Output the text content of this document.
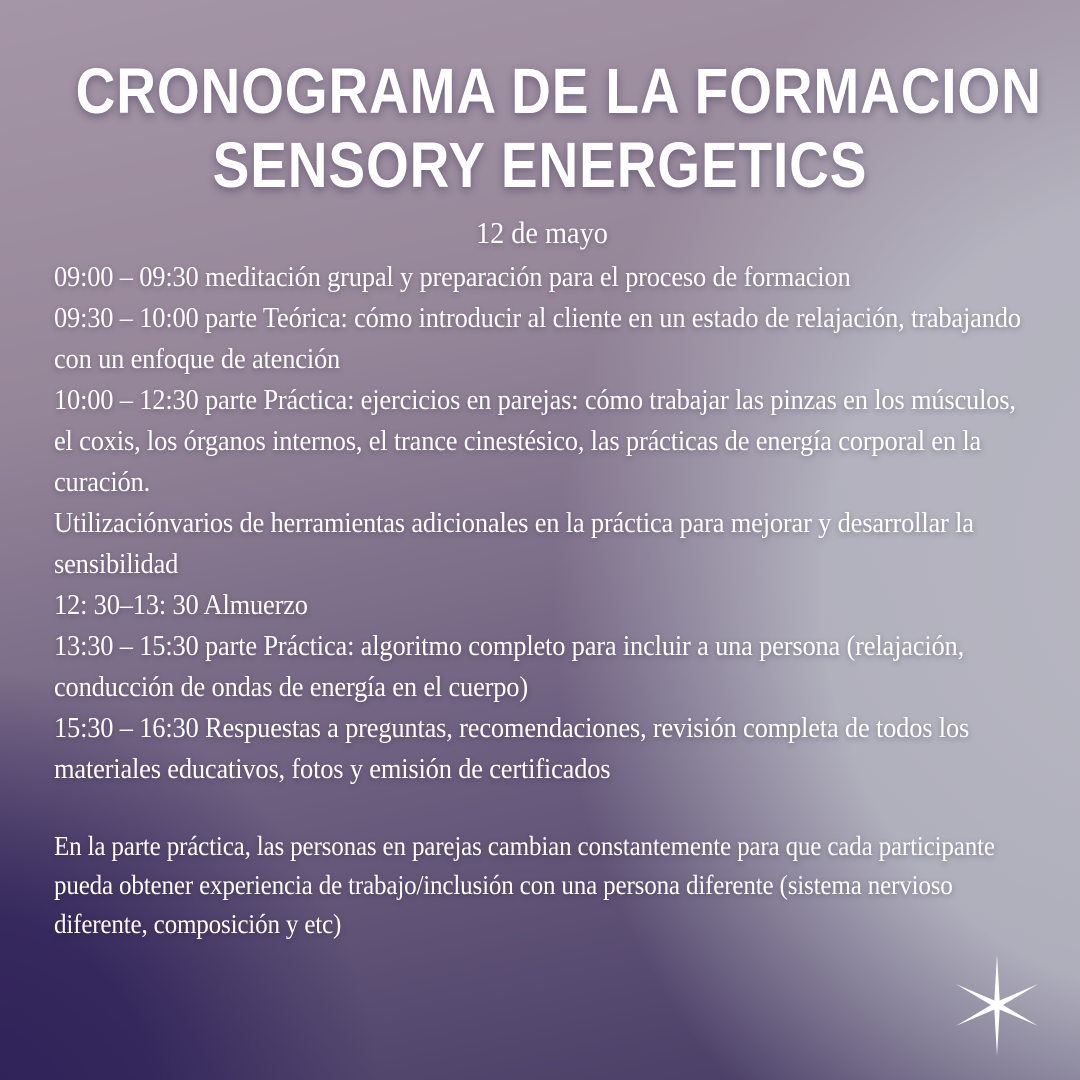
CRONOGRAMA DE LA FORMACION
SENSORY ENERGETICS
12 de mayo

09:00 – 09:30 meditación grupal y preparación para el proceso de formacion

09:30 – 10:00 parte Teórica: cómo introducir al cliente en un estado de relajación, trabajando con un enfoque de atención

10:00 – 12:30 parte Práctica: ejercicios en parejas: cómo trabajar las pinzas en los músculos, el coxis, los órganos internos, el trance cinestésico, las prácticas de energía corporal en la curación.

Utilizaciónvarios de herramientas adicionales en la práctica para mejorar y desarrollar la sensibilidad

12: 30–13: 30 Almuerzo

13:30 – 15:30 parte Práctica: algoritmo completo para incluir a una persona (relajación, conducción de ondas de energía en el cuerpo)

15:30 – 16:30 Respuestas a preguntas, recomendaciones, revisión completa de todos los materiales educativos, fotos y emisión de certificados

En la parte práctica, las personas en parejas cambian constantemente para que cada participante pueda obtener experiencia de trabajo/inclusión con una persona diferente (sistema nervioso diferente, composición y etc)
